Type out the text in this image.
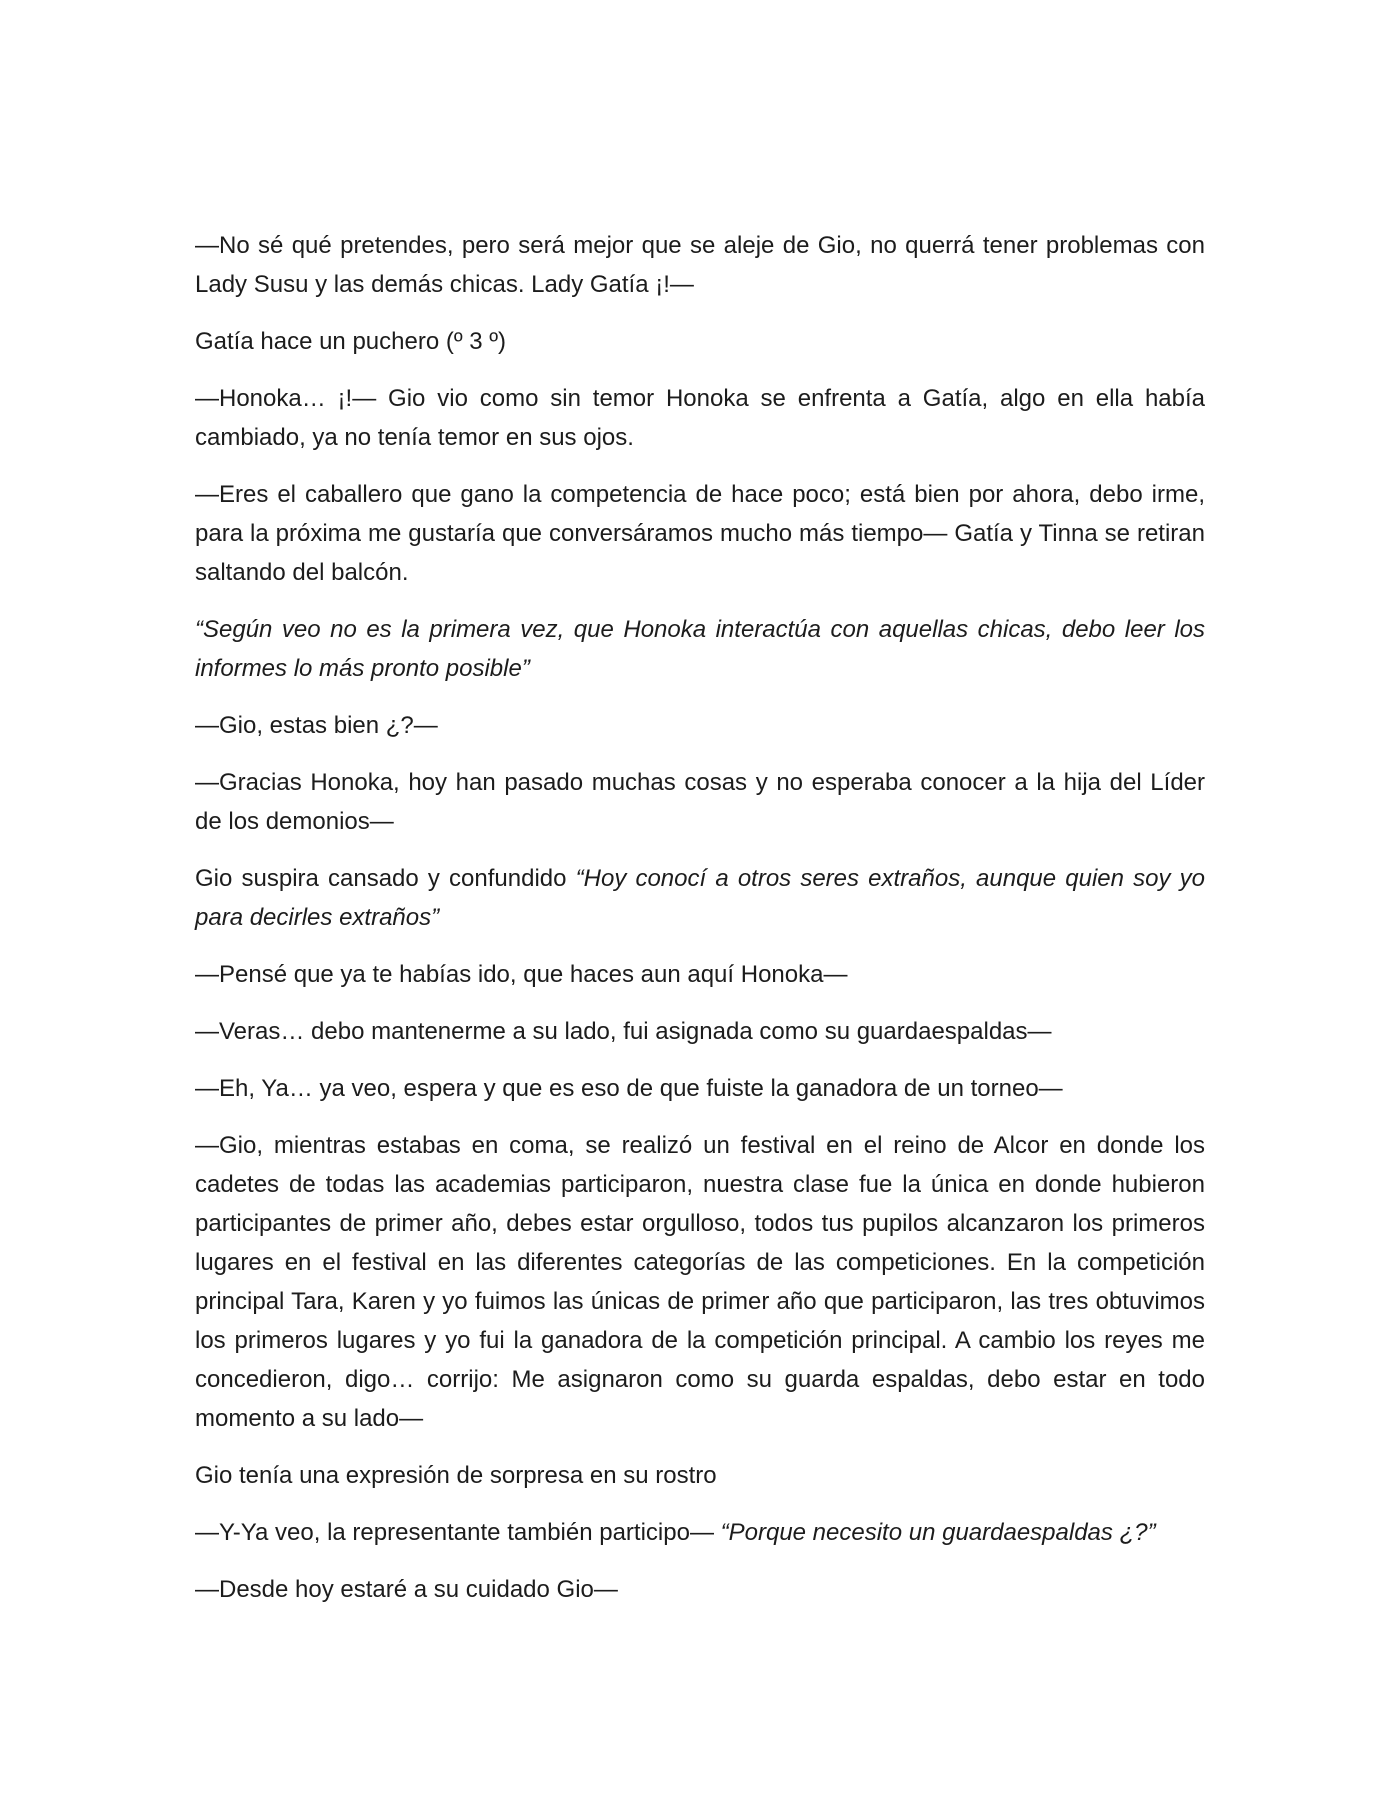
—No sé qué pretendes, pero será mejor que se aleje de Gio, no querrá tener problemas con Lady Susu y las demás chicas. Lady Gatía ¡!—

Gatía hace un puchero (º 3 º)

—Honoka… ¡!— Gio vio como sin temor Honoka se enfrenta a Gatía, algo en ella había cambiado, ya no tenía temor en sus ojos.

—Eres el caballero que gano la competencia de hace poco; está bien por ahora, debo irme, para la próxima me gustaría que conversáramos mucho más tiempo— Gatía y Tinna se retiran saltando del balcón.

“Según veo no es la primera vez, que Honoka interactúa con aquellas chicas, debo leer los informes lo más pronto posible”

—Gio, estas bien ¿?—

—Gracias Honoka, hoy han pasado muchas cosas y no esperaba conocer a la hija del Líder de los demonios—

Gio suspira cansado y confundido “Hoy conocí a otros seres extraños, aunque quien soy yo para decirles extraños”

—Pensé que ya te habías ido, que haces aun aquí Honoka—

—Veras… debo mantenerme a su lado, fui asignada como su guardaespaldas—

—Eh, Ya… ya veo, espera y que es eso de que fuiste la ganadora de un torneo—

—Gio, mientras estabas en coma, se realizó un festival en el reino de Alcor en donde los cadetes de todas las academias participaron, nuestra clase fue la única en donde hubieron participantes de primer año, debes estar orgulloso, todos tus pupilos alcanzaron los primeros lugares en el festival en las diferentes categorías de las competiciones. En la competición principal Tara, Karen y yo fuimos las únicas de primer año que participaron, las tres obtuvimos los primeros lugares y yo fui la ganadora de la competición principal. A cambio los reyes me concedieron, digo… corrijo: Me asignaron como su guarda espaldas, debo estar en todo momento a su lado—

Gio tenía una expresión de sorpresa en su rostro

—Y-Ya veo, la representante también participo— “Porque necesito un guardaespaldas ¿?”

—Desde hoy estaré a su cuidado Gio—
